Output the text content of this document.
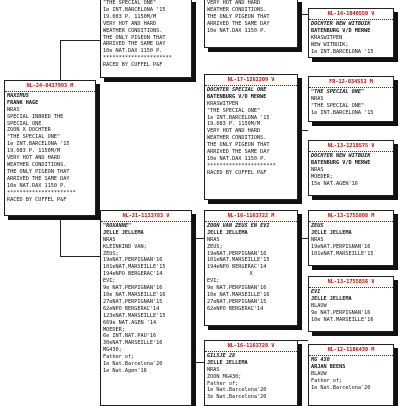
"THE SPECIAL ONE"
1e INT.BARCELONA '15
19.083 P. 1150M/M
VERY HOT AND HARD
WEATHER CONDITIONS.
THE ONLY PIGEON THAT
ARRIVED THE SAME DAY
10e NAT.DAX 1150 P.
**********************
RACED BY CUFFEL P&F
VERY HOT AND HARD
WEATHER CONDITIONS.
THE ONLY PIGEON THAT
ARRIVED THE SAME DAY
10e NAT.DAX 1150 P.
NL-24-8437993 M
MAXIMUS
FRANK HAGE
NRAS
SPECIAL INBRED THE
SPECIAL ONE
ZOON X DOCHTER
"THE SPECIAL ONE"
1e INT.BARCELONA '15
19.083 P. 1150M/M
VERY HOT AND HARD
WEATHER CONDITIONS.
THE ONLY PIGEON THAT
ARRIVED THE SAME DAY
10e NAT.DAX 1150 P.
**********************
RACED BY CUFFEL P&F
NL-17-1262209 V
DOCHTER SPECIAL ONE
BATENBURG V/D MERWE
KRASWITPEN
"THE SPECIAL ONE"
1e INT.BARCELONA '15
19.083 P. 1150M/M
VERY HOT AND HARD
WEATHER CONDITIONS.
THE ONLY PIGEON THAT
ARRIVED THE SAME DAY
10e NAT.DAX 1150 P.
**********************
RACED BY CUFFEL P&F
NL-14-1040550 V
DOCHTER NEW WITBUIK
BATENBURG V/D MERWE
KRASWITPEN
NEW WITBUIK;
1e INT.BARCELONA '15
FR-12-034553 M
"THE SPECIAL ONE"
NRAS
"THE SPECIAL ONE"
1e INT.BARCELONA '15
NL-13-1219575 V
DOCHTER NEW WITBUIK
BATENBURG V/D MERWE
NRAS
MOEDER;
15e NAT.AGEN'16
NL-21-1133783 V
"ROXANNE"
JELLE JELLEMA
NRAS
KLEINKIND VAN;
ZEUS;
19eNAT.PERPIGNAN'16
101eNAT.MARSEILLE'15
194eNPO BERGERAC'14
EVI;
9e NAT.PERPIGNAN'16
10e NAT.MARSEILLE'16
27eNAT.PERPIGNAN'15
62eNPO BERGERAC'14
123eNAT.MARSEILLE'15
669e NAT.AGEN '14
MOEDER;
6e INT.NAT.PAU'16
30eNAT.MARSEILLE'16
MG430;
Father of;
1e Nat.Barcelona'20
1e Nat.Agen'18
NL-16-1163722 M
ZOON VAN ZEUS EN EVI
JELLE JELLEMA
NRAS
ZEUS;
19eNAT.PERPIGNAN'16
101eNAT.MARSEILLE'15
194eNPO BERGERAC'14
X
EVI;
9e NAT.PERPIGNAN'16
10e NAT.MARSEILLE'16
27eNAT.PERPIGNAN'15
62eNPO BERGERAC'14
NL-16-1163728 V
GILSJE 28
JELLE JELLEMA
NRAS
ZOON MG430;
Father of;
1e Nat.Barcelona'20
3e Nat.Barcelona'20
NL-13-1755808 M
ZEUS
JELLE JELLEMA
NRAS
19eNAT.PERPIGNAN'16
101eNAT.MARSEILLE'15
NL-13-1755856 V
EVI
JELLE JELLEMA
BLAUW
9e NAT.PERPIGNAN'16
10e NAT.MARSEILLE'16
NL-12-1106430 M
MG 430
ARJAN BEENS
BLAUW
Father of;
1e Nat.Barcelona'20
